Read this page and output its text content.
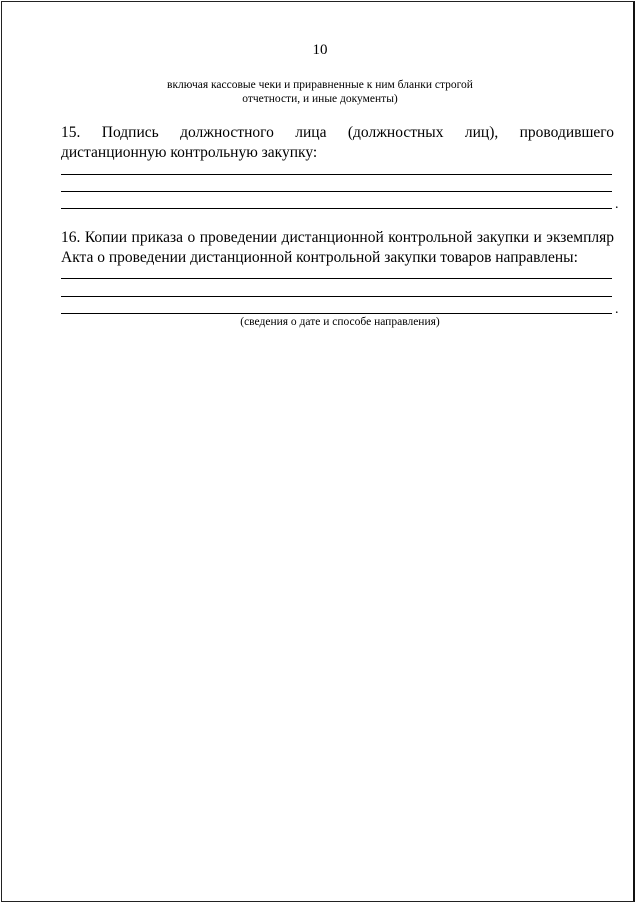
10
включая кассовые чеки и приравненные к ним бланки строгой
отчетности, и иные документы)
15. Подпись должностного лица (должностных лиц), проводившего дистанционную контрольную закупку:
.
16. Копии приказа о проведении дистанционной контрольной закупки и экземпляр Акта о проведении дистанционной контрольной закупки товаров направлены:
.
(сведения о дате и способе направления)
